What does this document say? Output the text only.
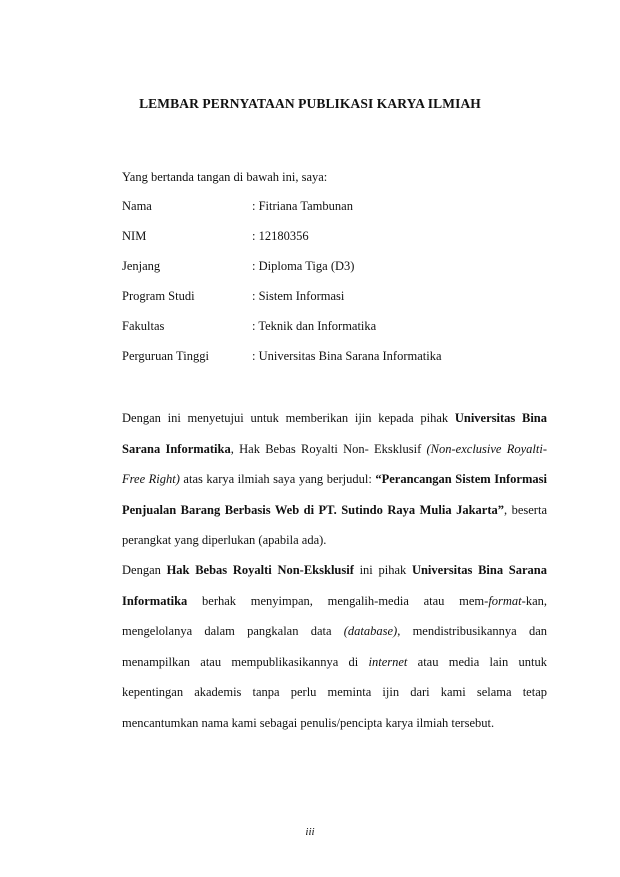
LEMBAR PERNYATAAN PUBLIKASI KARYA ILMIAH
Yang bertanda tangan di bawah ini, saya:
Nama	: Fitriana Tambunan
NIM	: 12180356
Jenjang	: Diploma Tiga (D3)
Program Studi	: Sistem Informasi
Fakultas	: Teknik dan Informatika
Perguruan Tinggi	: Universitas Bina Sarana Informatika
Dengan ini menyetujui untuk memberikan ijin kepada pihak Universitas Bina Sarana Informatika, Hak Bebas Royalti Non- Eksklusif (Non-exclusive Royalti-Free Right) atas karya ilmiah saya yang berjudul: “Perancangan Sistem Informasi Penjualan Barang Berbasis Web di PT. Sutindo Raya Mulia Jakarta”, beserta perangkat yang diperlukan (apabila ada).
Dengan Hak Bebas Royalti Non-Eksklusif ini pihak Universitas Bina Sarana Informatika berhak menyimpan, mengalih-media atau mem-format-kan, mengelolanya dalam pangkalan data (database), mendistribusikannya dan menampilkan atau mempublikasikannya di internet atau media lain untuk kepentingan akademis tanpa perlu meminta ijin dari kami selama tetap mencantumkan nama kami sebagai penulis/pencipta karya ilmiah tersebut.
iii
